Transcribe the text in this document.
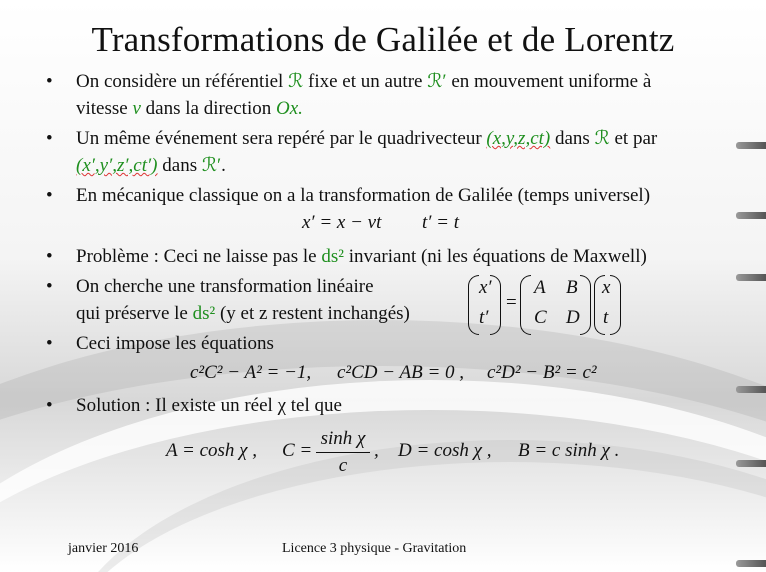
Transformations de Galilée et de Lorentz
• On considère un référentiel ℛ fixe et un autre ℛ′ en mouvement uniforme à
vitesse v dans la direction Ox.
• Un même événement sera repéré par le quadrivecteur (x,y,z,ct) dans ℛ et par
(x′,y′,z′,ct′) dans ℛ′.
• En mécanique classique on a la transformation de Galilée (temps universel)
x′ = x − vt t′ = t
• Problème : Ceci ne laisse pas le ds² invariant (ni les équations de Maxwell)
• On cherche une transformation linéaire
qui préserve le ds² (y et z restent inchangés)
x′
t′
=
A B
C D
x
t
• Ceci impose les équations
c²C² − A² = −1, c²CD − AB = 0 , c²D² − B² = c²
• Solution : Il existe un réel χ tel que
A = cosh χ , $C = \frac{\text{sinh χ}}{c}$ , D = cosh χ , B = c sinh χ .
janvier 2016	Licence 3 physique - Gravitation
